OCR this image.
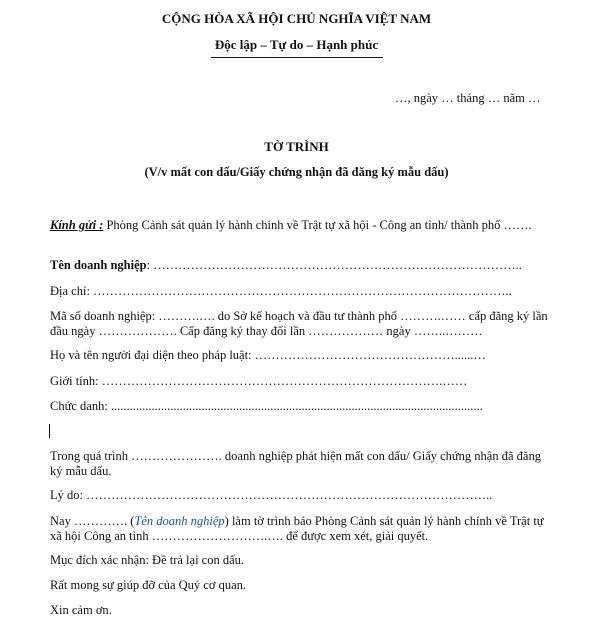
CỘNG HÒA XÃ HỘI CHỦ NGHĨA VIỆT NAM
Độc lập – Tự do – Hạnh phúc
…, ngày … tháng … năm …
TỜ TRÌNH
(V/v mất con dấu/Giấy chứng nhận đã đăng ký mẫu dấu)
Kính gửi : Phòng Cảnh sát quản lý hành chính về Trật tự xã hội - Công an tỉnh/ thành phố …….
Tên doanh nghiệp: ……………………………………………………………………………..
Địa chỉ: ………………………………………………………………………………………..
Mã số doanh nghiệp: ……….…. do Sở kế hoạch và đầu tư thành phố ……….…… cấp đăng ký lần đầu ngày ………………. Cấp đăng ký thay đổi lần ……………… ngày ……..………
Họ và tên người đại diện theo pháp luật: …………………………………………......…
Giới tính: ……………………………………………………………………….……
Chức danh: .......................................................................................................................
Trong quá trình …………………. doanh nghiệp phát hiện mất con dấu/ Giấy chứng nhận đã đăng ký mẫu dấu.
Lý do: ……………………………………………………………………………………..
Nay …………. (Tên doanh nghiệp) làm tờ trình báo Phòng Cảnh sát quản lý hành chính về Trật tự xã hội Công an tỉnh ……………………….…. để được xem xét, giải quyết.
Mục đích xác nhận: Đề trả lại con dấu.
Rất mong sự giúp đỡ của Quý cơ quan.
Xin cảm ơn.
